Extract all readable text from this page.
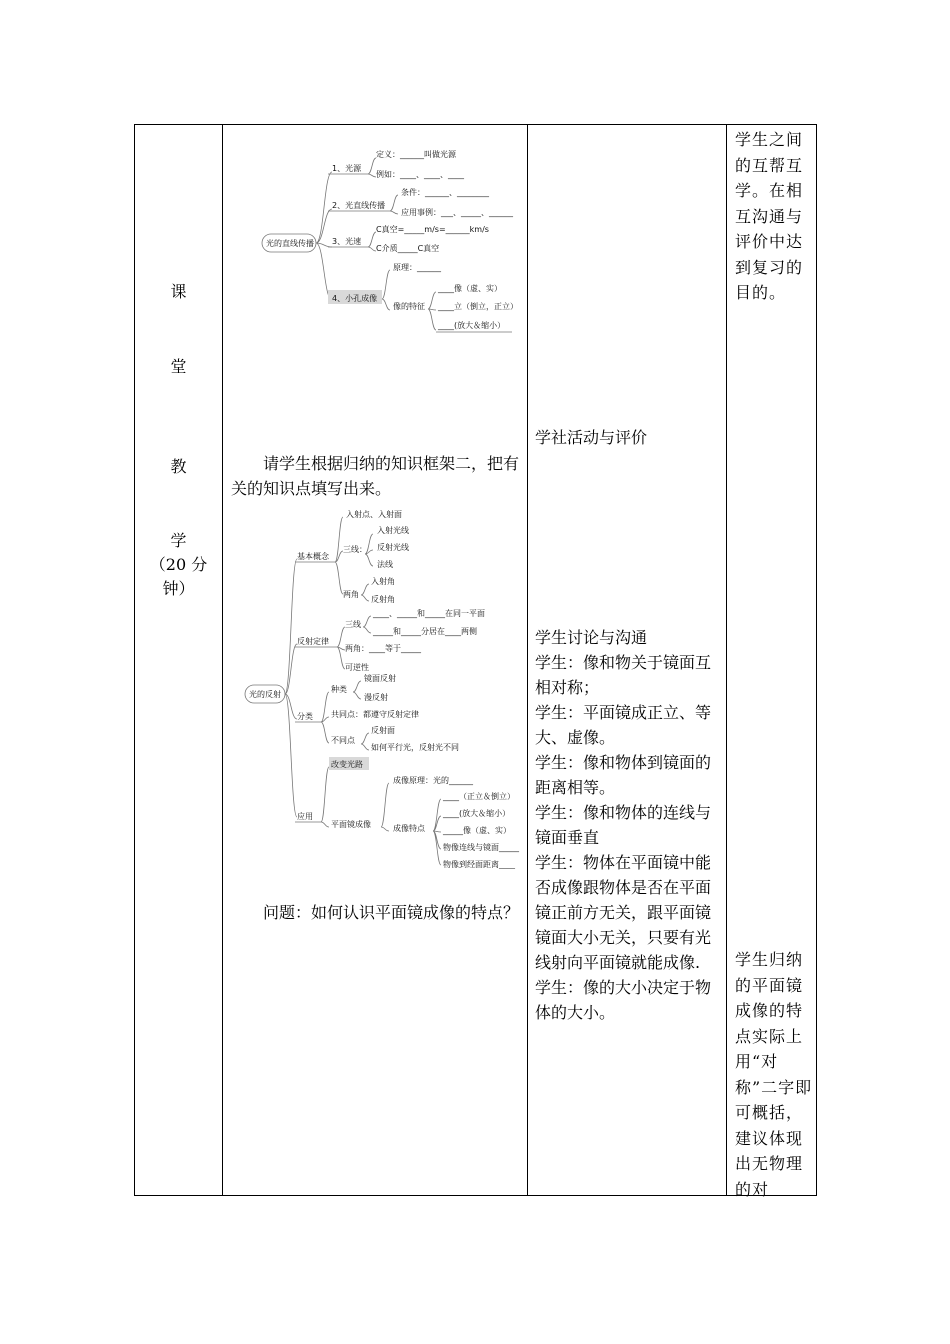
课
堂
教
学
（20 分钟）
光的直线传播
1、光源
2、光直线传播
3、光速
4、小孔成像
定义：______叫做光源
例如：____、____、____
条件：______、________
应用事例：___、_____、______
C真空=_____m/s=______km/s
C介质_____C真空
原理：______
像的特征
____像（虚、实）
____立（倒立，正立）
____(放大＆缩小）
请学生根据归纳的知识框架二，把有关的知识点填写出来。
光的反射
基本概念
入射点、入射面
三线：
入射光线
反射光线
法线
两角
入射角
反射角
反射定律
三线
____、_____和_____在同一平面
_____和_____分居在____两侧
两角：____等于_____
可逆性
分类
种类
镜面反射
漫反射
共同点：都遵守反射定律
不同点
反射面
如何平行光，反射光不同
应用
改变光路
平面镜成像
成像原理：光的______
成像特点
____（正立＆倒立）
____(放大＆缩小）
_____像（虚、实）
物像连线与镜面_____
物像到经面距离____
问题：如何认识平面镜成像的特点？
学社活动与评价
学生讨论与沟通
学生：像和物关于镜面互相对称；
学生：平面镜成正立、等大、虚像。
学生：像和物体到镜面的距离相等。
学生：像和物体的连线与镜面垂直
学生：物体在平面镜中能否成像跟物体是否在平面镜正前方无关，跟平面镜镜面大小无关，只要有光线射向平面镜就能成像.
学生：像的大小决定于物体的大小。
学生之间的互帮互学。在相互沟通与评价中达到复习的目的。
学生归纳的平面镜成像的特点实际上用“对称”二字即可概括，建议体现出无物理的对
